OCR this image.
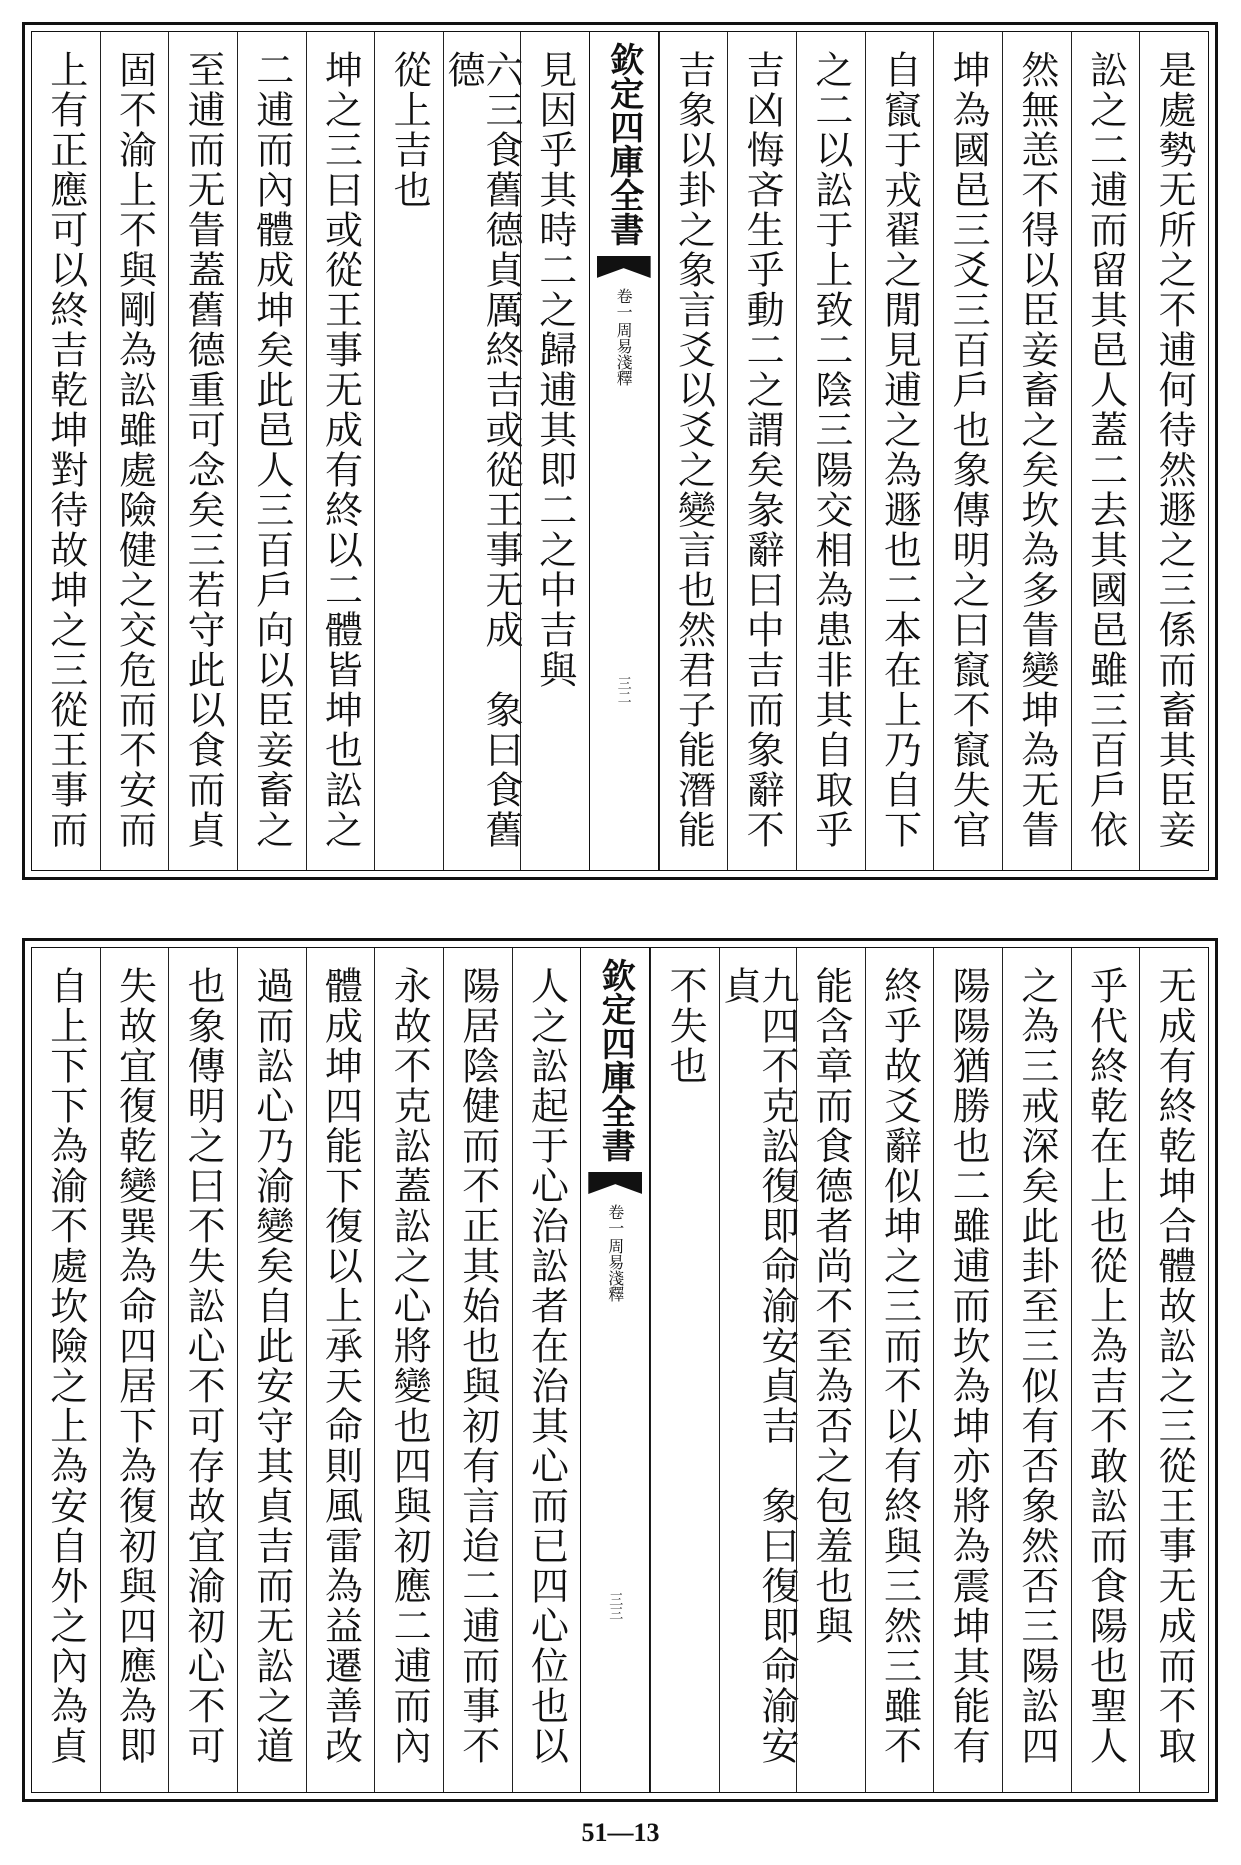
是處勢无所之不逋何待然遯之三係而畜其臣妾
訟之二逋而留其邑人蓋二去其國邑雖三百戶依
然無恙不得以臣妾畜之矣坎為多眚變坤為无眚
坤為國邑三爻三百戶也象傳明之曰竄不竄失官
自竄于戎翟之閒見逋之為遯也二本在上乃自下
之二以訟于上致二陰三陽交相為患非其自取乎
吉凶悔吝生乎動二之謂矣彖辭曰中吉而象辭不
吉象以卦之象言爻以爻之變言也然君子能潛能
欽定四庫全書
周易淺釋
卷一
三二
見因乎其時二之歸逋其即二之中吉與
六三食舊德貞厲終吉或從王事无成　象曰食舊德
從上吉也
坤之三曰或從王事无成有終以二體皆坤也訟之
二逋而內體成坤矣此邑人三百戶向以臣妾畜之
至逋而无眚蓋舊德重可念矣三若守此以食而貞
固不渝上不與剛為訟雖處險健之交危而不安而
上有正應可以終吉乾坤對待故坤之三從王事而
无成有終乾坤合體故訟之三從王事无成而不取
乎代終乾在上也從上為吉不敢訟而食陽也聖人
之為三戒深矣此卦至三似有否象然否三陽訟四
陽陽猶勝也二雖逋而坎為坤亦將為震坤其能有
終乎故爻辭似坤之三而不以有終與三然三雖不
能含章而食德者尚不至為否之包羞也與
九四不克訟復即命渝安貞吉　象曰復即命渝安貞
不失也
欽定四庫全書
周易淺釋
卷一
三三
人之訟起于心治訟者在治其心而已四心位也以
陽居陰健而不正其始也與初有言迨二逋而事不
永故不克訟蓋訟之心將變也四與初應二逋而內
體成坤四能下復以上承天命則風雷為益遷善改
過而訟心乃渝變矣自此安守其貞吉而无訟之道
也象傳明之曰不失訟心不可存故宜渝初心不可
失故宜復乾變巽為命四居下為復初與四應為即
自上下下為渝不處坎險之上為安自外之內為貞
51—13
